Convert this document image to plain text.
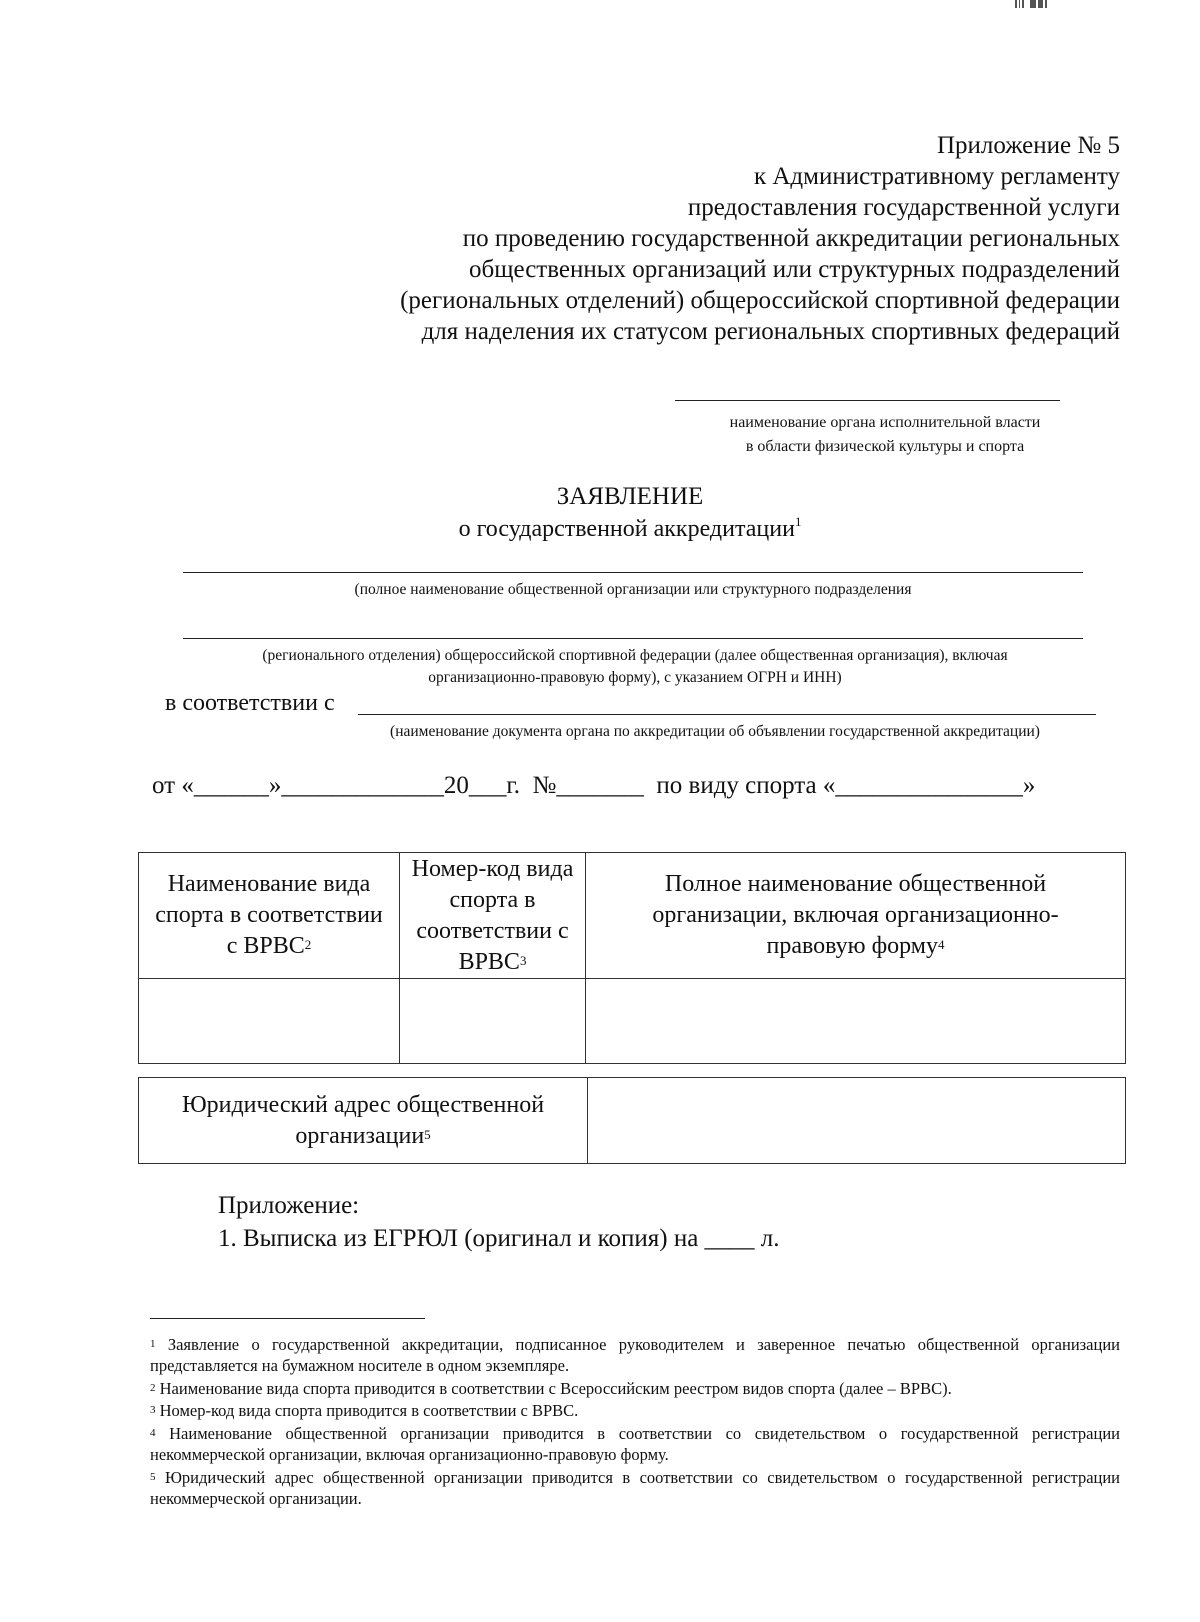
Приложение № 5
к Административному регламенту
предоставления государственной услуги
по проведению государственной аккредитации региональных
общественных организаций или структурных подразделений
(региональных отделений) общероссийской спортивной федерации
для наделения их статусом региональных спортивных федераций
наименование органа исполнительной власти
в области физической культуры и спорта
ЗАЯВЛЕНИЕ
о государственной аккредитации$^1$
(полное наименование общественной организации или структурного подразделения
(регионального отделения) общероссийской спортивной федерации (далее общественная организация), включая
организационно-правовую форму), с указанием ОГРН и ИНН)
в соответствии с
(наименование документа органа по аккредитации об объявлении государственной аккредитации)
от «______»_____________20___г.  №_______  по виду спорта «_______________»
Наименование вида спорта в соответствии с ВРВС$^2$	Номер-код вида спорта в соответствии с ВРВС$^3$	Полное наименование общественной организации, включая организационно-правовую форму$^4$

Юридический адрес общественной организации$^5$	
Приложение:
1. Выписка из ЕГРЮЛ (оригинал и копия) на ____ л.
$^1$ Заявление о государственной аккредитации, подписанное руководителем и заверенное печатью общественной организации представляется на бумажном носителе в одном экземпляре.
$^2$ Наименование вида спорта приводится в соответствии с Всероссийским реестром видов спорта (далее – ВРВС).
$^3$ Номер-код вида спорта приводится в соответствии с ВРВС.
$^4$ Наименование общественной организации приводится в соответствии со свидетельством о государственной регистрации некоммерческой организации, включая организационно-правовую форму.
$^5$ Юридический адрес общественной организации приводится в соответствии со свидетельством о государственной регистрации некоммерческой организации.
